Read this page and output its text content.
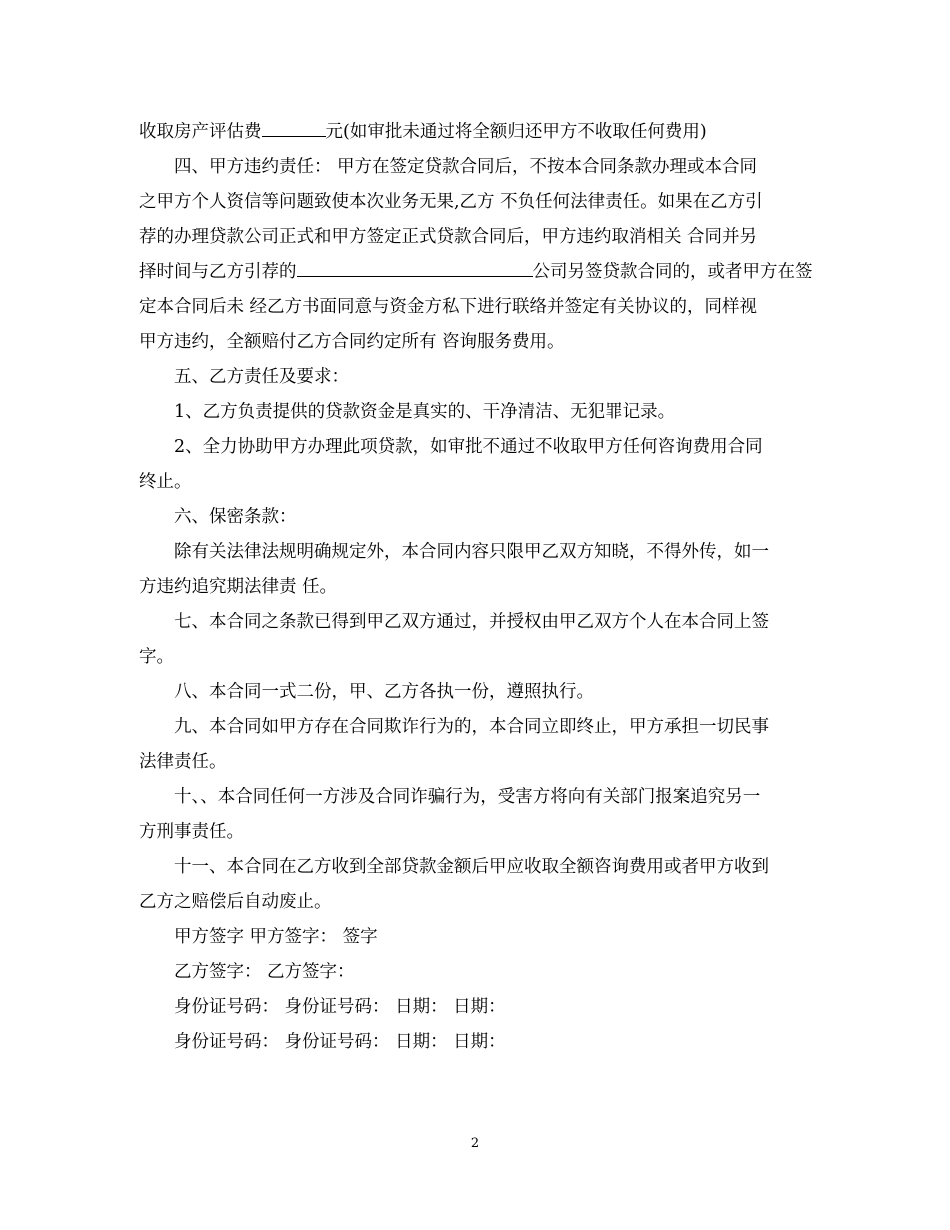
收取房产评估费	元(如审批未通过将全额归还甲方不收取任何费用)

四、甲方违约责任： 甲方在签定贷款合同后，不按本合同条款办理或本合同

之甲方个人资信等问题致使本次业务无果,乙方 不负任何法律责任。如果在乙方引

荐的办理贷款公司正式和甲方签定正式贷款合同后，甲方违约取消相关 合同并另

择时间与乙方引荐的	公司另签贷款合同的，或者甲方在签

定本合同后未 经乙方书面同意与资金方私下进行联络并签定有关协议的，同样视

甲方违约，全额赔付乙方合同约定所有 咨询服务费用。

五、乙方责任及要求：

1、乙方负责提供的贷款资金是真实的、干净清洁、无犯罪记录。

2、全力协助甲方办理此项贷款，如审批不通过不收取甲方任何咨询费用合同

终止。

六、保密条款：

除有关法律法规明确规定外，本合同内容只限甲乙双方知晓，不得外传，如一

方违约追究期法律责 任。

七、本合同之条款已得到甲乙双方通过，并授权由甲乙双方个人在本合同上签

字。

八、本合同一式二份，甲、乙方各执一份，遵照执行。

九、本合同如甲方存在合同欺诈行为的，本合同立即终止，甲方承担一切民事

法律责任。

十、、本合同任何一方涉及合同诈骗行为，受害方将向有关部门报案追究另一

方刑事责任。

十一、本合同在乙方收到全部贷款金额后甲应收取全额咨询费用或者甲方收到

乙方之赔偿后自动废止。

甲方签字 甲方签字： 签字

乙方签字： 乙方签字：

身份证号码： 身份证号码： 日期： 日期：

身份证号码： 身份证号码： 日期： 日期：

2
